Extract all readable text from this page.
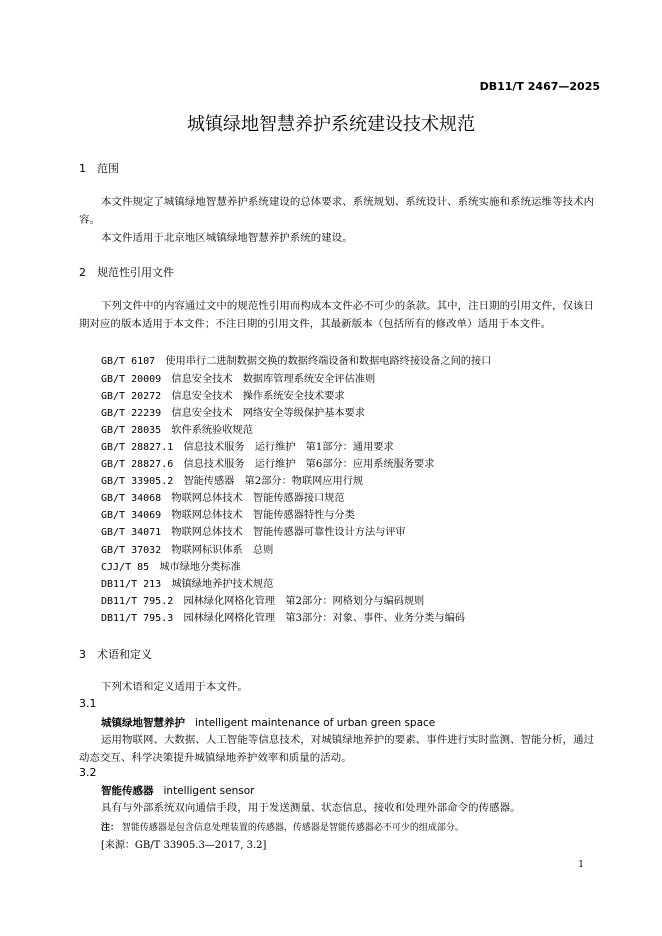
DB11/T 2467—2025
城镇绿地智慧养护系统建设技术规范
1 范围
本文件规定了城镇绿地智慧养护系统建设的总体要求、系统规划、系统设计、系统实施和系统运维等技术内容。
本文件适用于北京地区城镇绿地智慧养护系统的建设。
2 规范性引用文件
下列文件中的内容通过文中的规范性引用而构成本文件必不可少的条款。其中，注日期的引用文件，仅该日期对应的版本适用于本文件；不注日期的引用文件，其最新版本（包括所有的修改单）适用于本文件。
GB/T 6107　 使用串行二进制数据交换的数据终端设备和数据电路终接设备之间的接口
GB/T 20009　 信息安全技术　数据库管理系统安全评估准则
GB/T 20272　 信息安全技术　操作系统安全技术要求
GB/T 22239　 信息安全技术　网络安全等级保护基本要求
GB/T 28035　 软件系统验收规范
GB/T 28827.1　 信息技术服务　运行维护　第1部分：通用要求
GB/T 28827.6　 信息技术服务　运行维护　第6部分：应用系统服务要求
GB/T 33905.2　 智能传感器　第2部分：物联网应用行规
GB/T 34068　 物联网总体技术　智能传感器接口规范
GB/T 34069　 物联网总体技术　智能传感器特性与分类
GB/T 34071　 物联网总体技术　智能传感器可靠性设计方法与评审
GB/T 37032　 物联网标识体系　总则
CJJ/T 85　 城市绿地分类标准
DB11/T 213　 城镇绿地养护技术规范
DB11/T 795.2　 园林绿化网格化管理　第2部分：网格划分与编码规则
DB11/T 795.3　 园林绿化网格化管理　第3部分：对象、事件、业务分类与编码
3 术语和定义
下列术语和定义适用于本文件。
3.1
城镇绿地智慧养护 intelligent maintenance of urban green space
运用物联网、大数据、人工智能等信息技术，对城镇绿地养护的要素、事件进行实时监测、智能分析，通过动态交互、科学决策提升城镇绿地养护效率和质量的活动。
3.2
智能传感器 intelligent sensor
具有与外部系统双向通信手段，用于发送测量、状态信息，接收和处理外部命令的传感器。
注： 智能传感器是包含信息处理装置的传感器，传感器是智能传感器必不可少的组成部分。
[来源：GB/T 33905.3—2017, 3.2]
1
